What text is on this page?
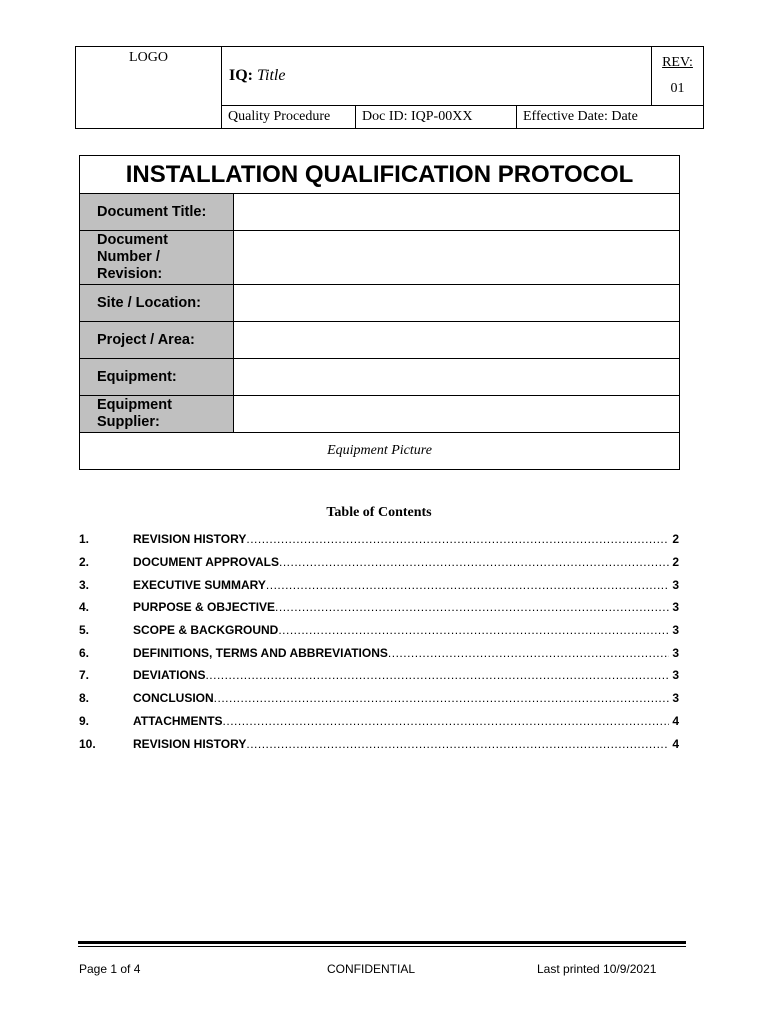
LOGO	IQ: Title			REV:
01

	Quality Procedure	Doc ID: IQP-00XX	Effective Date: Date	
INSTALLATION QUALIFICATION PROTOCOL	
Document Title:	
Document Number / Revision:	
Site / Location:	
Project / Area:	
Equipment:	
Equipment Supplier:	
Equipment Picture	
Table of Contents
1.	REVISION HISTORY .....	2
2.	DOCUMENT APPROVALS .....	2
3.	EXECUTIVE SUMMARY .....	3
4.	PURPOSE & OBJECTIVE .....	3
5.	SCOPE & BACKGROUND .....	3
6.	DEFINITIONS, TERMS AND ABBREVIATIONS .....	3
7.	DEVIATIONS .....	3
8.	CONCLUSION .....	3
9.	ATTACHMENTS .....	4
10.	REVISION HISTORY .....	4
Page 1 of 4	CONFIDENTIAL	Last printed 10/9/2021
